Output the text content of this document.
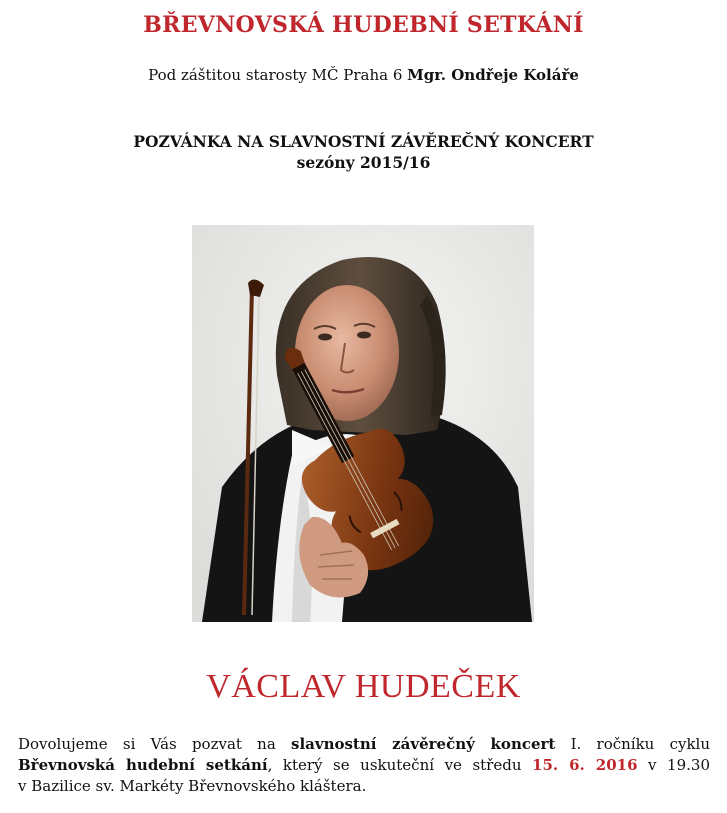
BŘEVNOVSKÁ HUDEBNÍ SETKÁNÍ
Pod záštitou starosty MČ Praha 6 Mgr. Ondřeje Koláře
POZVÁNKA NA SLAVNOSTNÍ ZÁVĚREČNÝ KONCERT
sezóny 2015/16
VÁCLAV HUDEČEK
Dovolujeme si Vás pozvat na slavnostní závěrečný koncert I. ročníku cyklu
Břevnovská hudební setkání, který se uskuteční ve středu 15. 6. 2016 v 19.30
v Bazilice sv. Markéty Břevnovského kláštera.
